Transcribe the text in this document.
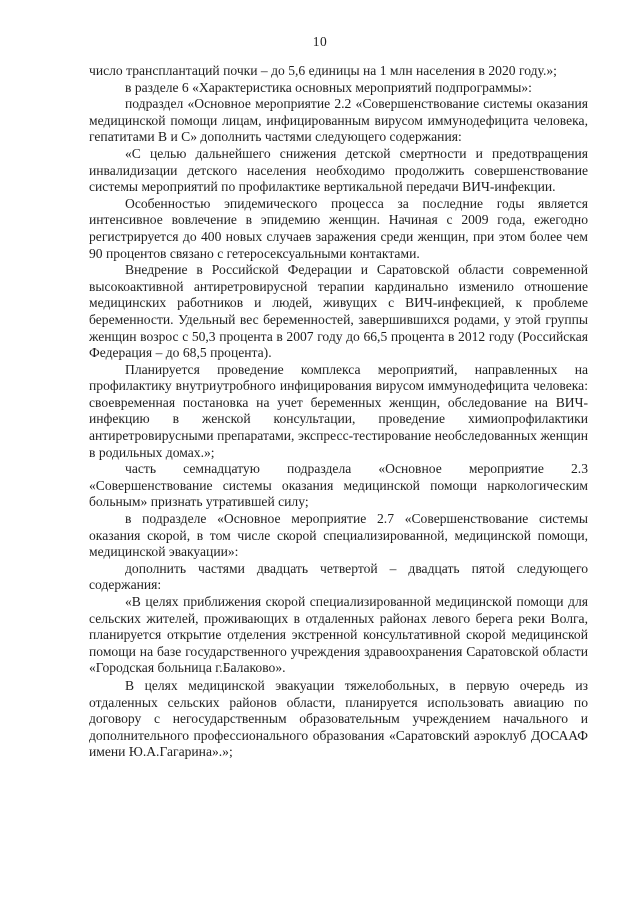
10

число трансплантаций почки – до 5,6 единицы на 1 млн населения в 2020 году.»;

в разделе 6 «Характеристика основных мероприятий подпрограммы»:

подраздел «Основное мероприятие 2.2 «Совершенствование системы оказания медицинской помощи лицам, инфицированным вирусом иммунодефицита человека, гепатитами В и С» дополнить частями следующего содержания:

«С целью дальнейшего снижения детской смертности и предотвращения инвалидизации детского населения необходимо продолжить совершенствование системы мероприятий по профилактике вертикальной передачи ВИЧ-инфекции.

Особенностью эпидемического процесса за последние годы является интенсивное вовлечение в эпидемию женщин. Начиная с 2009 года, ежегодно регистрируется до 400 новых случаев заражения среди женщин, при этом более чем 90 процентов связано с гетеросексуальными контактами.

Внедрение в Российской Федерации и Саратовской области современной высокоактивной антиретровирусной терапии кардинально изменило отношение медицинских работников и людей, живущих с ВИЧ-инфекцией, к проблеме беременности. Удельный вес беременностей, завершившихся родами, у этой группы женщин возрос с 50,3 процента в 2007 году до 66,5 процента в 2012 году (Российская Федерация – до 68,5 процента).

Планируется проведение комплекса мероприятий, направленных на профилактику внутриутробного инфицирования вирусом иммунодефицита человека: своевременная постановка на учет беременных женщин, обследование на ВИЧ-инфекцию в женской консультации, проведение химиопрофилактики антиретровирусными препаратами, экспресс-тестирование необследованных женщин в родильных домах.»;

часть семнадцатую подраздела «Основное мероприятие 2.3 «Совершенствование системы оказания медицинской помощи наркологическим больным» признать утратившей силу;

в подразделе «Основное мероприятие 2.7 «Совершенствование системы оказания скорой, в том числе скорой специализированной, медицинской помощи, медицинской эвакуации»:

дополнить частями двадцать четвертой – двадцать пятой следующего содержания:

«В целях приближения скорой специализированной медицинской помощи для сельских жителей, проживающих в отдаленных районах левого берега реки Волга, планируется открытие отделения экстренной консультативной скорой медицинской помощи на базе государственного учреждения здравоохранения Саратовской области «Городская больница г.Балаково».

В целях медицинской эвакуации тяжелобольных, в первую очередь из отдаленных сельских районов области, планируется использовать авиацию по договору с негосударственным образовательным учреждением начального и дополнительного профессионального образования «Саратовский аэроклуб ДОСААФ имени Ю.А.Гагарина».»;
